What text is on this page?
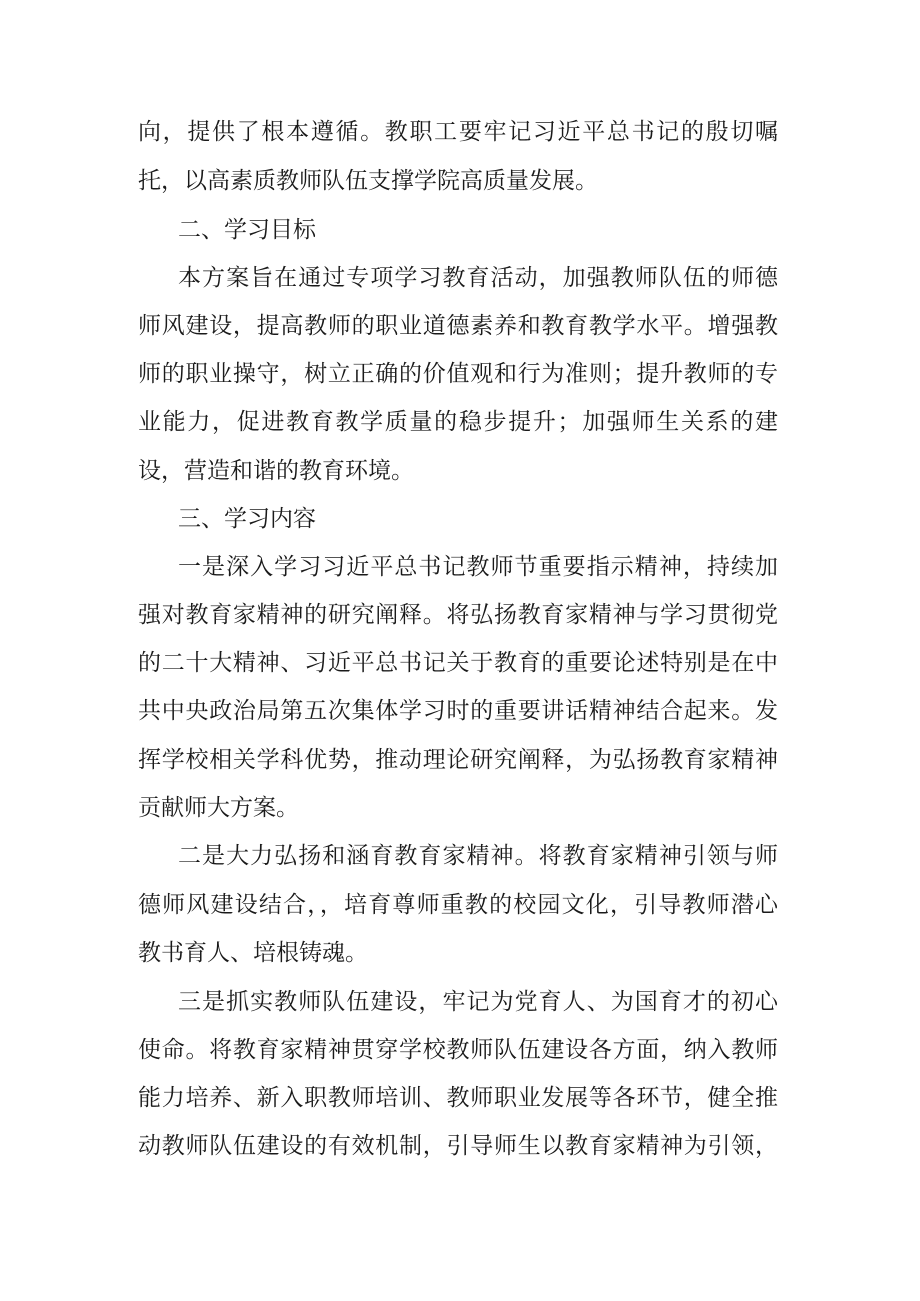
向，提供了根本遵循。教职工要牢记习近平总书记的殷切嘱
托，以高素质教师队伍支撑学院高质量发展。
二、学习目标
本方案旨在通过专项学习教育活动，加强教师队伍的师德
师风建设，提高教师的职业道德素养和教育教学水平。增强教
师的职业操守，树立正确的价值观和行为准则；提升教师的专
业能力，促进教育教学质量的稳步提升；加强师生关系的建
设，营造和谐的教育环境。
三、学习内容
一是深入学习习近平总书记教师节重要指示精神，持续加
强对教育家精神的研究阐释。将弘扬教育家精神与学习贯彻党
的二十大精神、习近平总书记关于教育的重要论述特别是在中
共中央政治局第五次集体学习时的重要讲话精神结合起来。发
挥学校相关学科优势，推动理论研究阐释，为弘扬教育家精神
贡献师大方案。
二是大力弘扬和涵育教育家精神。将教育家精神引领与师
德师风建设结合，，培育尊师重教的校园文化，引导教师潜心
教书育人、培根铸魂。
三是抓实教师队伍建设，牢记为党育人、为国育才的初心
使命。将教育家精神贯穿学校教师队伍建设各方面，纳入教师
能力培养、新入职教师培训、教师职业发展等各环节，健全推
动教师队伍建设的有效机制，引导师生以教育家精神为引领，
